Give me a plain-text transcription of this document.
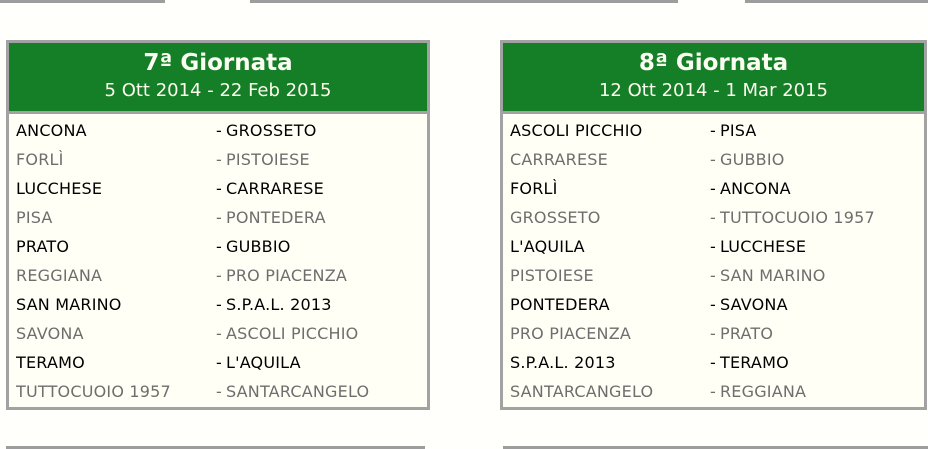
7ª Giornata
5 Ott 2014 - 22 Feb 2015
ANCONA	- GROSSETO
FORLÌ	- PISTOIESE
LUCCHESE	- CARRARESE
PISA	- PONTEDERA
PRATO	- GUBBIO
REGGIANA	- PRO PIACENZA
SAN MARINO	- S.P.A.L. 2013
SAVONA	- ASCOLI PICCHIO
TERAMO	- L'AQUILA
TUTTOCUOIO 1957	- SANTARCANGELO
8ª Giornata
12 Ott 2014 - 1 Mar 2015
ASCOLI PICCHIO	- PISA
CARRARESE	- GUBBIO
FORLÌ	- ANCONA
GROSSETO	- TUTTOCUOIO 1957
L'AQUILA	- LUCCHESE
PISTOIESE	- SAN MARINO
PONTEDERA	- SAVONA
PRO PIACENZA	- PRATO
S.P.A.L. 2013	- TERAMO
SANTARCANGELO	- REGGIANA
